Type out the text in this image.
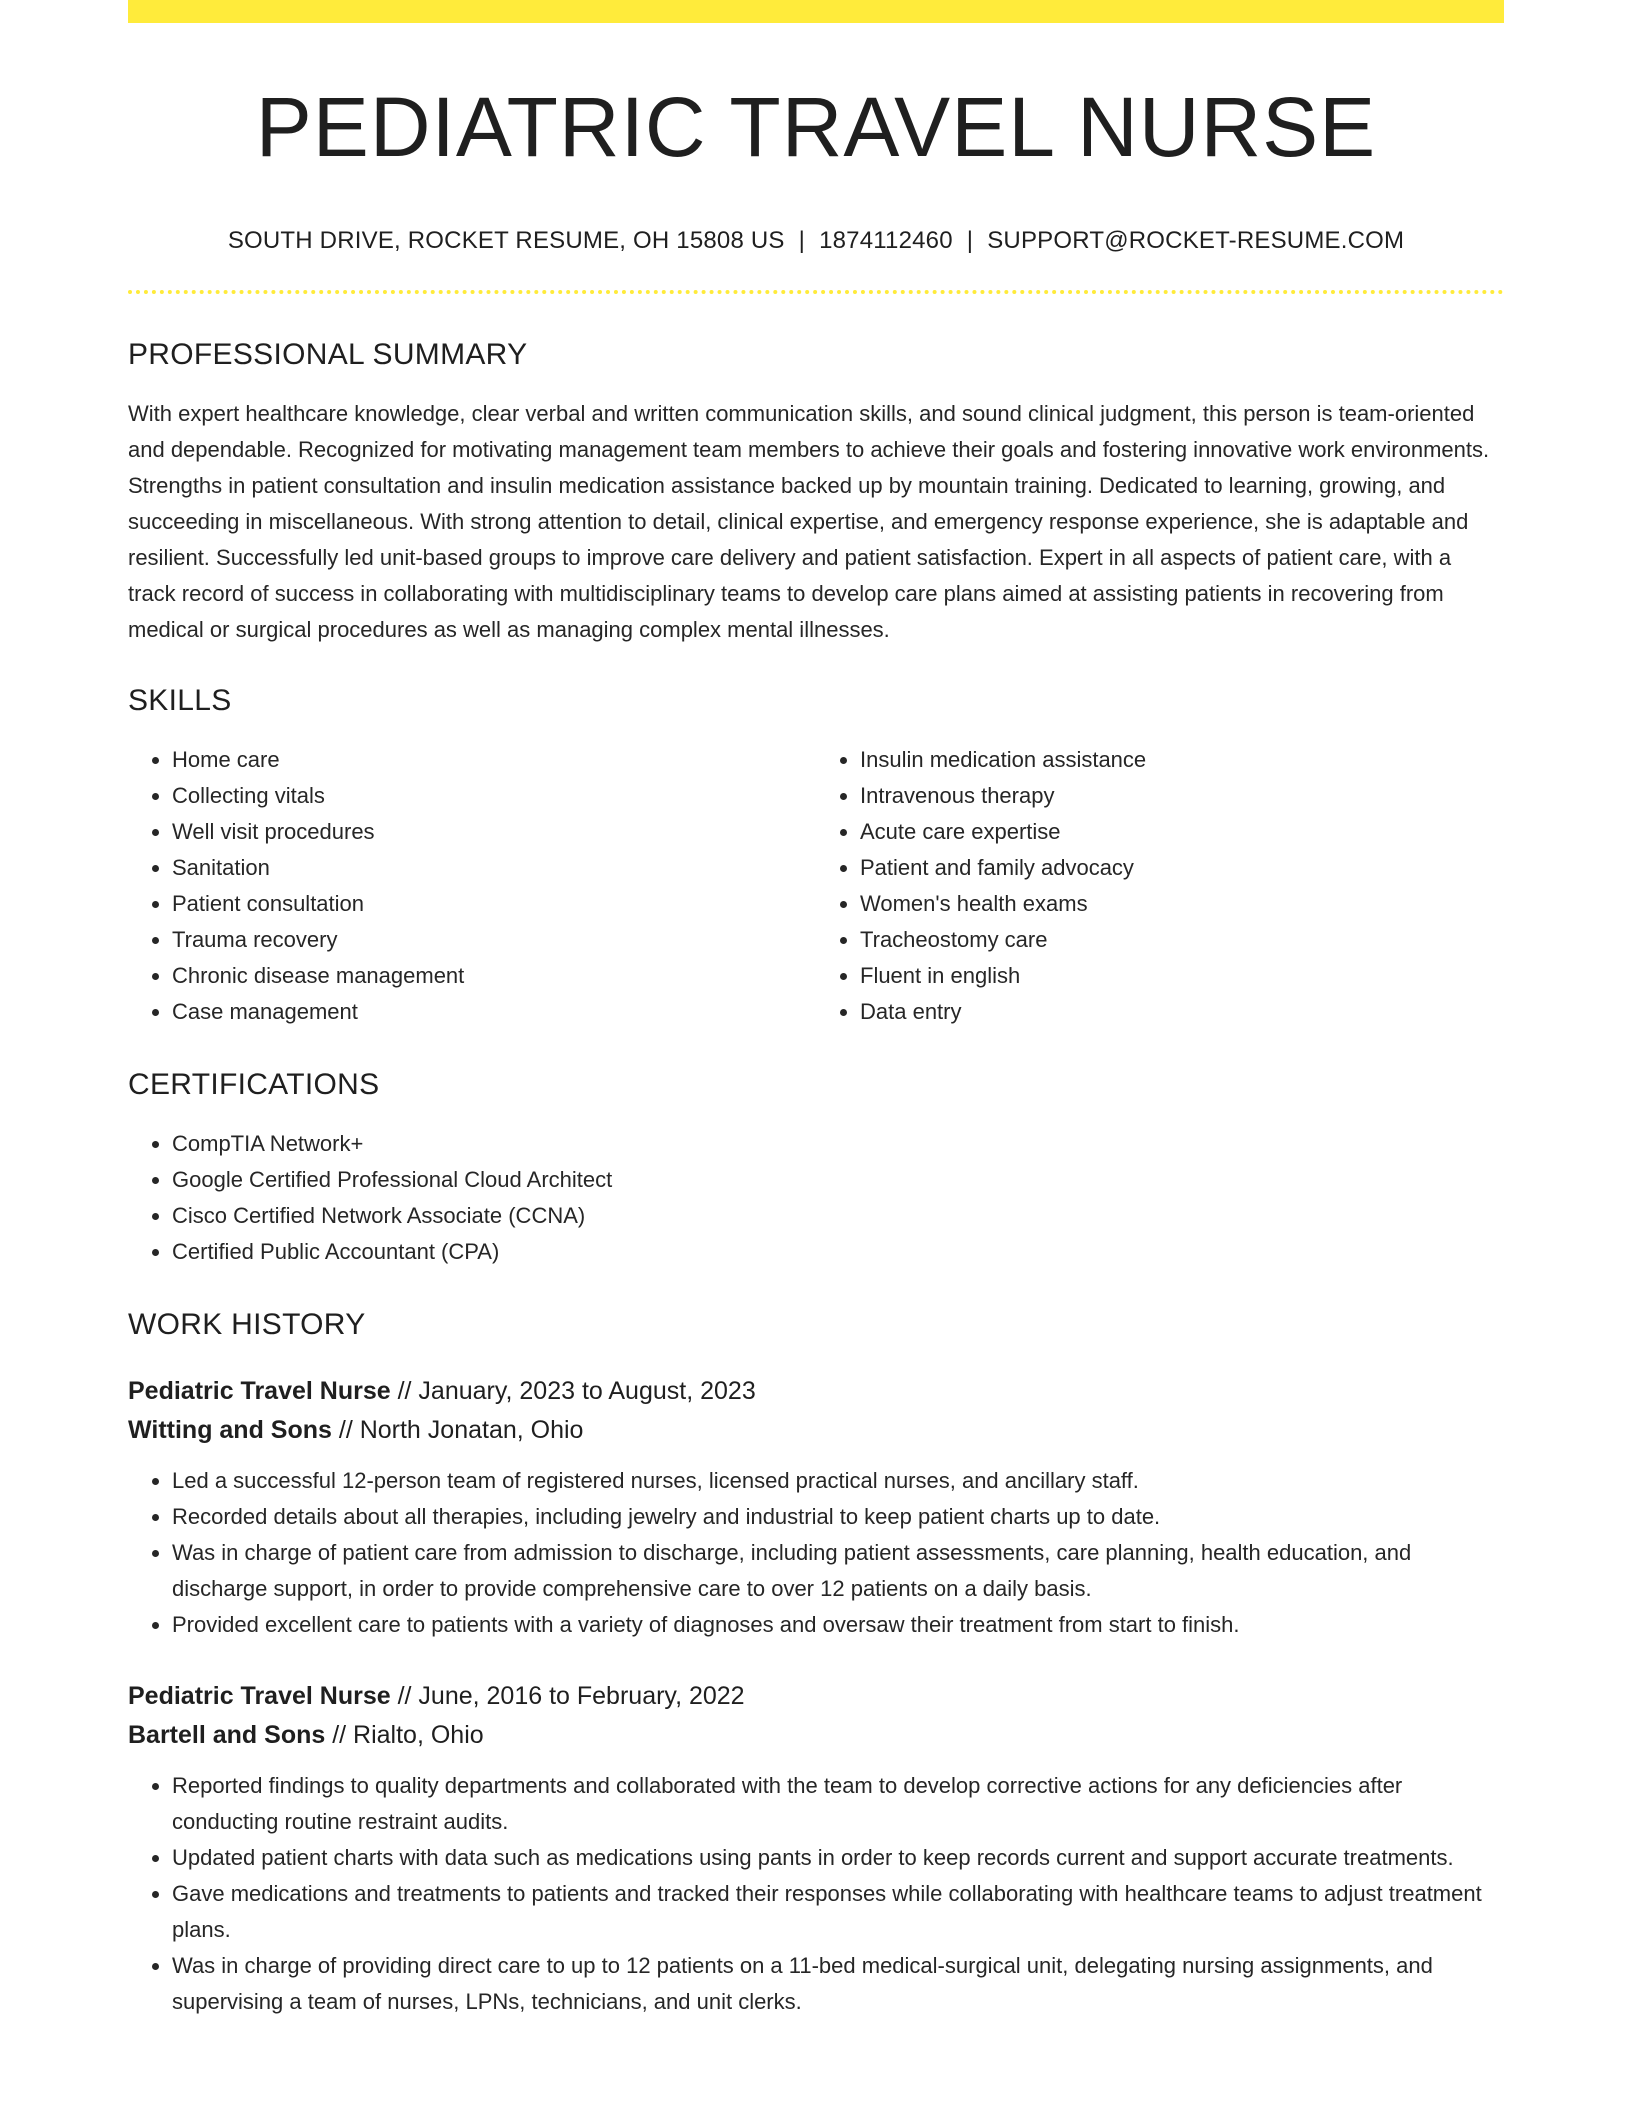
PEDIATRIC TRAVEL NURSE
SOUTH DRIVE, ROCKET RESUME, OH 15808 US | 1874112460 | SUPPORT@ROCKET-RESUME.COM
PROFESSIONAL SUMMARY

With expert healthcare knowledge, clear verbal and written communication skills, and sound clinical judgment, this person is team-oriented and dependable. Recognized for motivating management team members to achieve their goals and fostering innovative work environments. Strengths in patient consultation and insulin medication assistance backed up by mountain training. Dedicated to learning, growing, and succeeding in miscellaneous. With strong attention to detail, clinical expertise, and emergency response experience, she is adaptable and resilient. Successfully led unit-based groups to improve care delivery and patient satisfaction. Expert in all aspects of patient care, with a track record of success in collaborating with multidisciplinary teams to develop care plans aimed at assisting patients in recovering from medical or surgical procedures as well as managing complex mental illnesses.

SKILLS
• Home care
• Collecting vitals
• Well visit procedures
• Sanitation
• Patient consultation
• Trauma recovery
• Chronic disease management
• Case management
• Insulin medication assistance
• Intravenous therapy
• Acute care expertise
• Patient and family advocacy
• Women's health exams
• Tracheostomy care
• Fluent in english
• Data entry
CERTIFICATIONS
• CompTIA Network+
• Google Certified Professional Cloud Architect
• Cisco Certified Network Associate (CCNA)
• Certified Public Accountant (CPA)
WORK HISTORY
Pediatric Travel Nurse // January, 2023 to August, 2023
Witting and Sons // North Jonatan, Ohio
• Led a successful 12-person team of registered nurses, licensed practical nurses, and ancillary staff.
• Recorded details about all therapies, including jewelry and industrial to keep patient charts up to date.
• Was in charge of patient care from admission to discharge, including patient assessments, care planning, health education, and discharge support, in order to provide comprehensive care to over 12 patients on a daily basis.
• Provided excellent care to patients with a variety of diagnoses and oversaw their treatment from start to finish.
Pediatric Travel Nurse // June, 2016 to February, 2022
Bartell and Sons // Rialto, Ohio
• Reported findings to quality departments and collaborated with the team to develop corrective actions for any deficiencies after conducting routine restraint audits.
• Updated patient charts with data such as medications using pants in order to keep records current and support accurate treatments.
• Gave medications and treatments to patients and tracked their responses while collaborating with healthcare teams to adjust treatment plans.
• Was in charge of providing direct care to up to 12 patients on a 11-bed medical-surgical unit, delegating nursing assignments, and supervising a team of nurses, LPNs, technicians, and unit clerks.
